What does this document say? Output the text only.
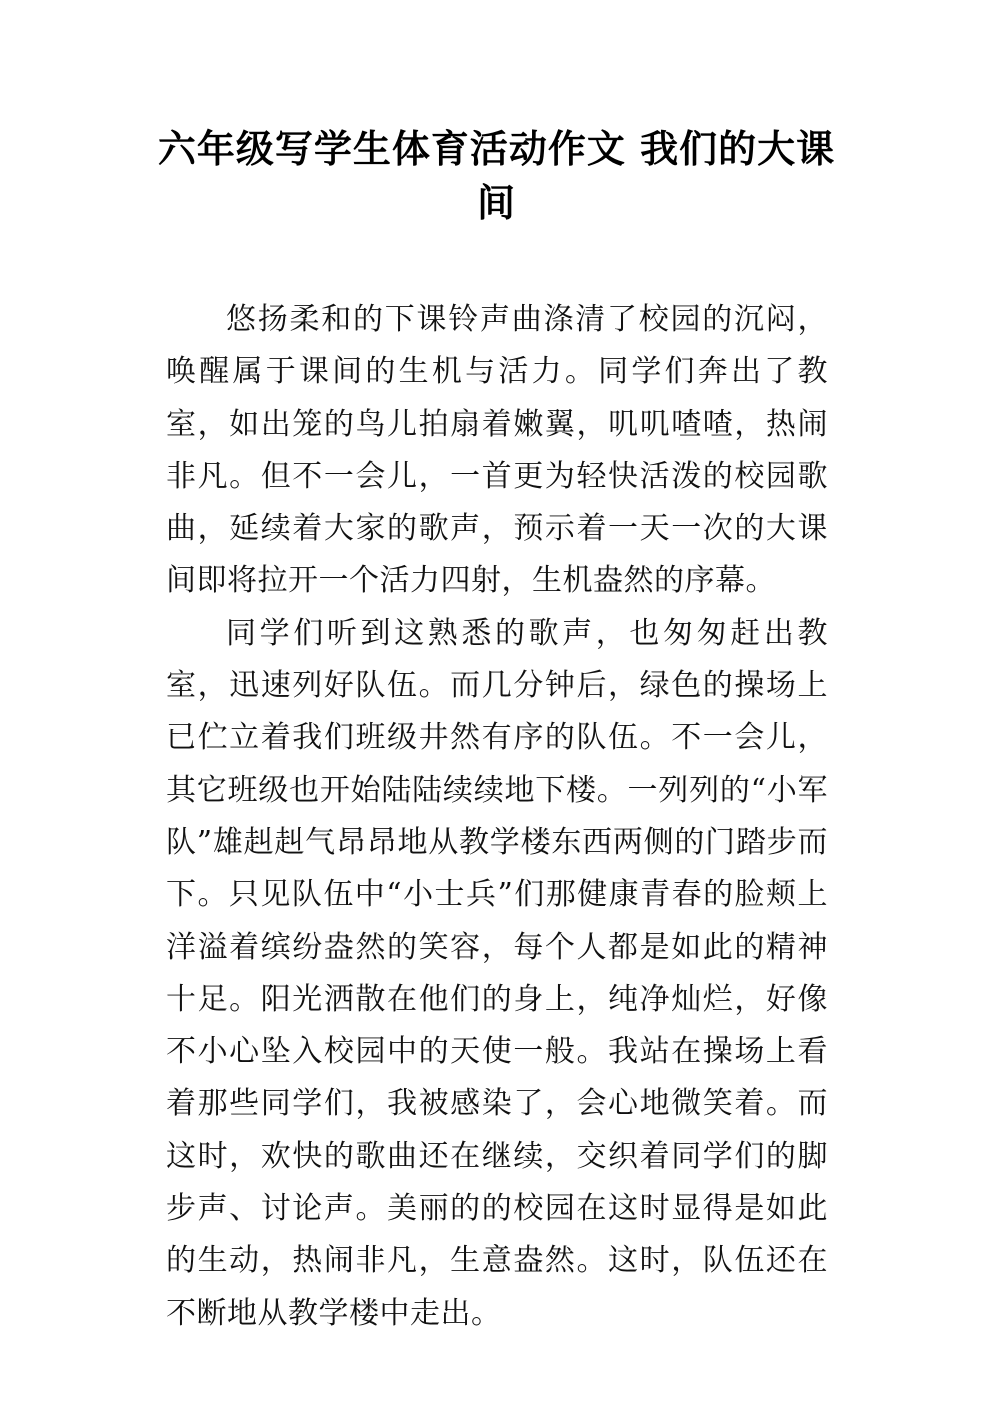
六年级写学生体育活动作文 我们的大课间

悠扬柔和的下课铃声曲涤清了校园的沉闷，唤醒属于课间的生机与活力。同学们奔出了教室，如出笼的鸟儿拍扇着嫩翼，叽叽喳喳，热闹非凡。但不一会儿，一首更为轻快活泼的校园歌曲，延续着大家的歌声，预示着一天一次的大课间即将拉开一个活力四射，生机盎然的序幕。

同学们听到这熟悉的歌声，也匆匆赶出教室，迅速列好队伍。而几分钟后，绿色的操场上已伫立着我们班级井然有序的队伍。不一会儿，其它班级也开始陆陆续续地下楼。一列列的“小军队”雄赳赳气昂昂地从教学楼东西两侧的门踏步而下。只见队伍中“小士兵”们那健康青春的脸颊上洋溢着缤纷盎然的笑容，每个人都是如此的精神十足。阳光洒散在他们的身上，纯净灿烂，好像不小心坠入校园中的天使一般。我站在操场上看着那些同学们，我被感染了，会心地微笑着。而这时，欢快的歌曲还在继续，交织着同学们的脚步声、讨论声。美丽的的校园在这时显得是如此的生动，热闹非凡，生意盎然。这时，队伍还在不断地从教学楼中走出。
